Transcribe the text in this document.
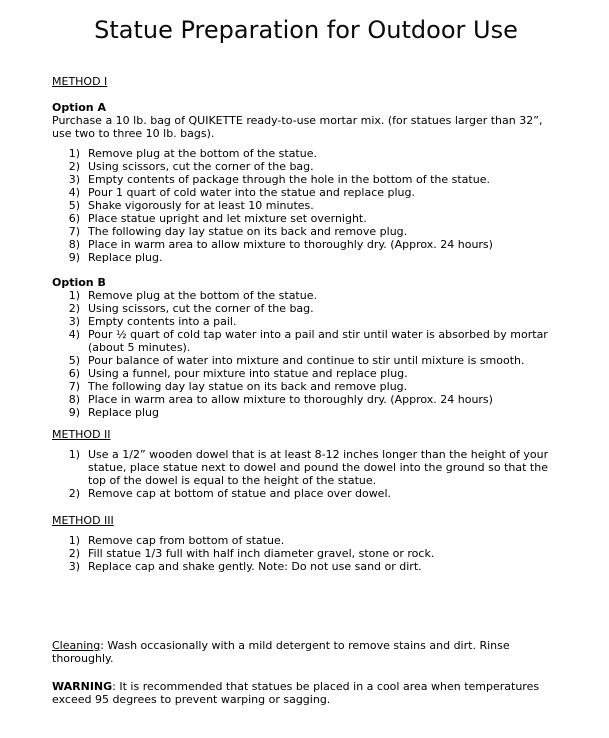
Statue Preparation for Outdoor Use
METHOD I
Option A

Purchase a 10 lb. bag of QUIKETTE ready-to-use mortar mix. (for statues larger than 32”, use two to three 10 lb. bags).

Remove plug at the bottom of the statue.
Using scissors, cut the corner of the bag.
Empty contents of package through the hole in the bottom of the statue.
Pour 1 quart of cold water into the statue and replace plug.
Shake vigorously for at least 10 minutes.
Place statue upright and let mixture set overnight.
The following day lay statue on its back and remove plug.
Place in warm area to allow mixture to thoroughly dry. (Approx. 24 hours)
Replace plug.
Option B
Remove plug at the bottom of the statue.
Using scissors, cut the corner of the bag.
Empty contents into a pail.
Pour ½ quart of cold tap water into a pail and stir until water is absorbed by mortar (about 5 minutes).
Pour balance of water into mixture and continue to stir until mixture is smooth.
Using a funnel, pour mixture into statue and replace plug.
The following day lay statue on its back and remove plug.
Place in warm area to allow mixture to thoroughly dry. (Approx. 24 hours)
Replace plug
METHOD II
Use a 1/2” wooden dowel that is at least 8-12 inches longer than the height of your statue, place statue next to dowel and pound the dowel into the ground so that the top of the dowel is equal to the height of the statue.
Remove cap at bottom of statue and place over dowel.
METHOD III
Remove cap from bottom of statue.
Fill statue 1/3 full with half inch diameter gravel, stone or rock.
Replace cap and shake gently. Note: Do not use sand or dirt.

Cleaning: Wash occasionally with a mild detergent to remove stains and dirt. Rinse thoroughly.

WARNING: It is recommended that statues be placed in a cool area when temperatures exceed 95 degrees to prevent warping or sagging.
